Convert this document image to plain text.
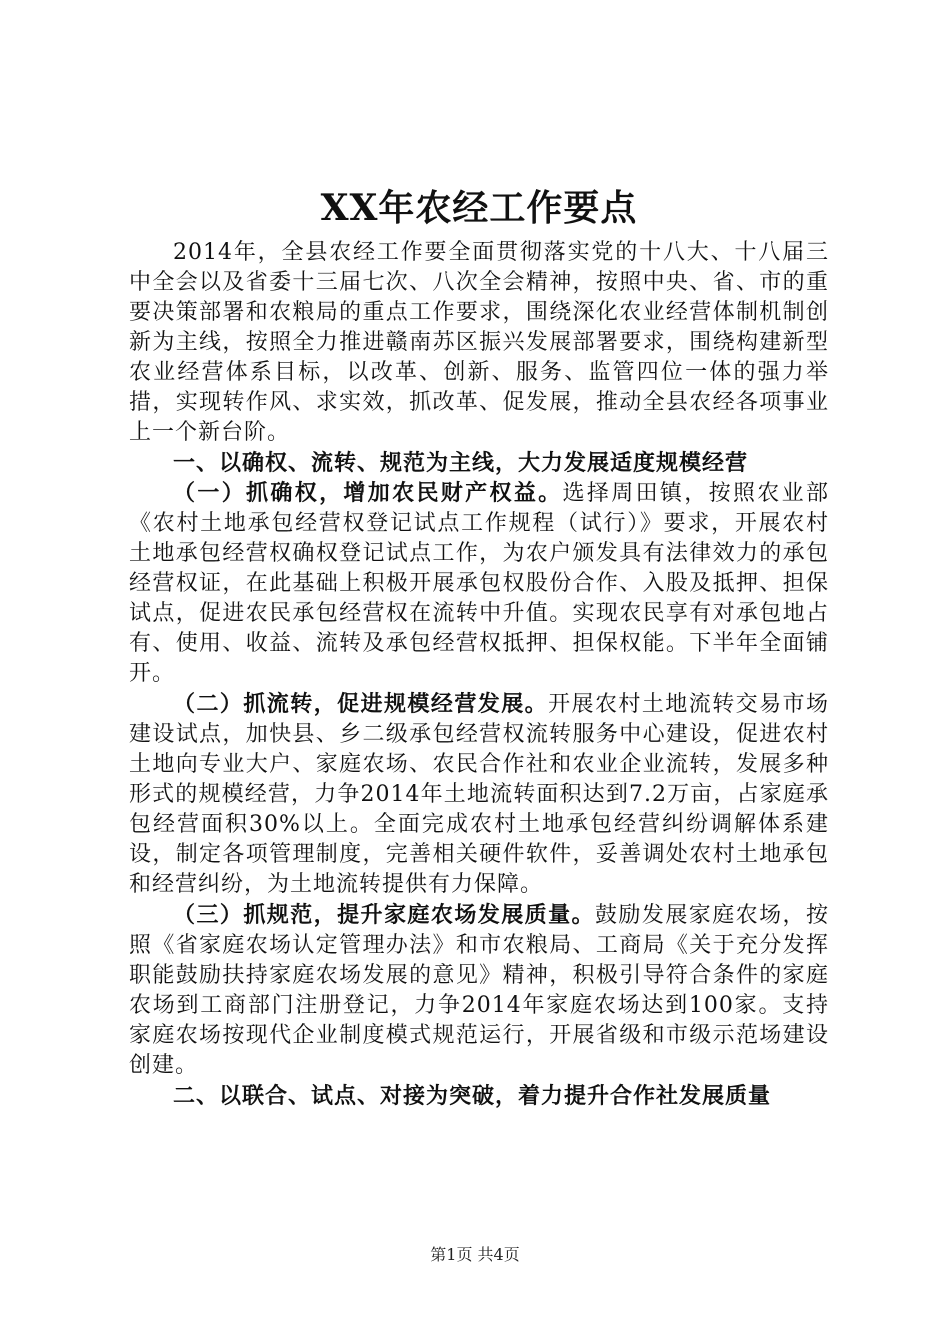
XX年农经工作要点

2014年，全县农经工作要全面贯彻落实党的十八大、十八届三中全会以及省委十三届七次、八次全会精神，按照中央、省、市的重要决策部署和农粮局的重点工作要求，围绕深化农业经营体制机制创新为主线，按照全力推进赣南苏区振兴发展部署要求，围绕构建新型农业经营体系目标，以改革、创新、服务、监管四位一体的强力举措，实现转作风、求实效，抓改革、促发展，推动全县农经各项事业上一个新台阶。

一、以确权、流转、规范为主线，大力发展适度规模经营

（一）抓确权，增加农民财产权益。选择周田镇，按照农业部《农村土地承包经营权登记试点工作规程（试行）》要求，开展农村土地承包经营权确权登记试点工作，为农户颁发具有法律效力的承包经营权证，在此基础上积极开展承包权股份合作、入股及抵押、担保试点，促进农民承包经营权在流转中升值。实现农民享有对承包地占有、使用、收益、流转及承包经营权抵押、担保权能。下半年全面铺开。

（二）抓流转，促进规模经营发展。开展农村土地流转交易市场建设试点，加快县、乡二级承包经营权流转服务中心建设，促进农村土地向专业大户、家庭农场、农民合作社和农业企业流转，发展多种形式的规模经营，力争2014年土地流转面积达到7.2万亩，占家庭承包经营面积30%以上。全面完成农村土地承包经营纠纷调解体系建设，制定各项管理制度，完善相关硬件软件，妥善调处农村土地承包和经营纠纷，为土地流转提供有力保障。

（三）抓规范，提升家庭农场发展质量。鼓励发展家庭农场，按照《省家庭农场认定管理办法》和市农粮局、工商局《关于充分发挥职能鼓励扶持家庭农场发展的意见》精神，积极引导符合条件的家庭农场到工商部门注册登记，力争2014年家庭农场达到100家。支持家庭农场按现代企业制度模式规范运行，开展省级和市级示范场建设创建。

二、以联合、试点、对接为突破，着力提升合作社发展质量

第1页 共4页
